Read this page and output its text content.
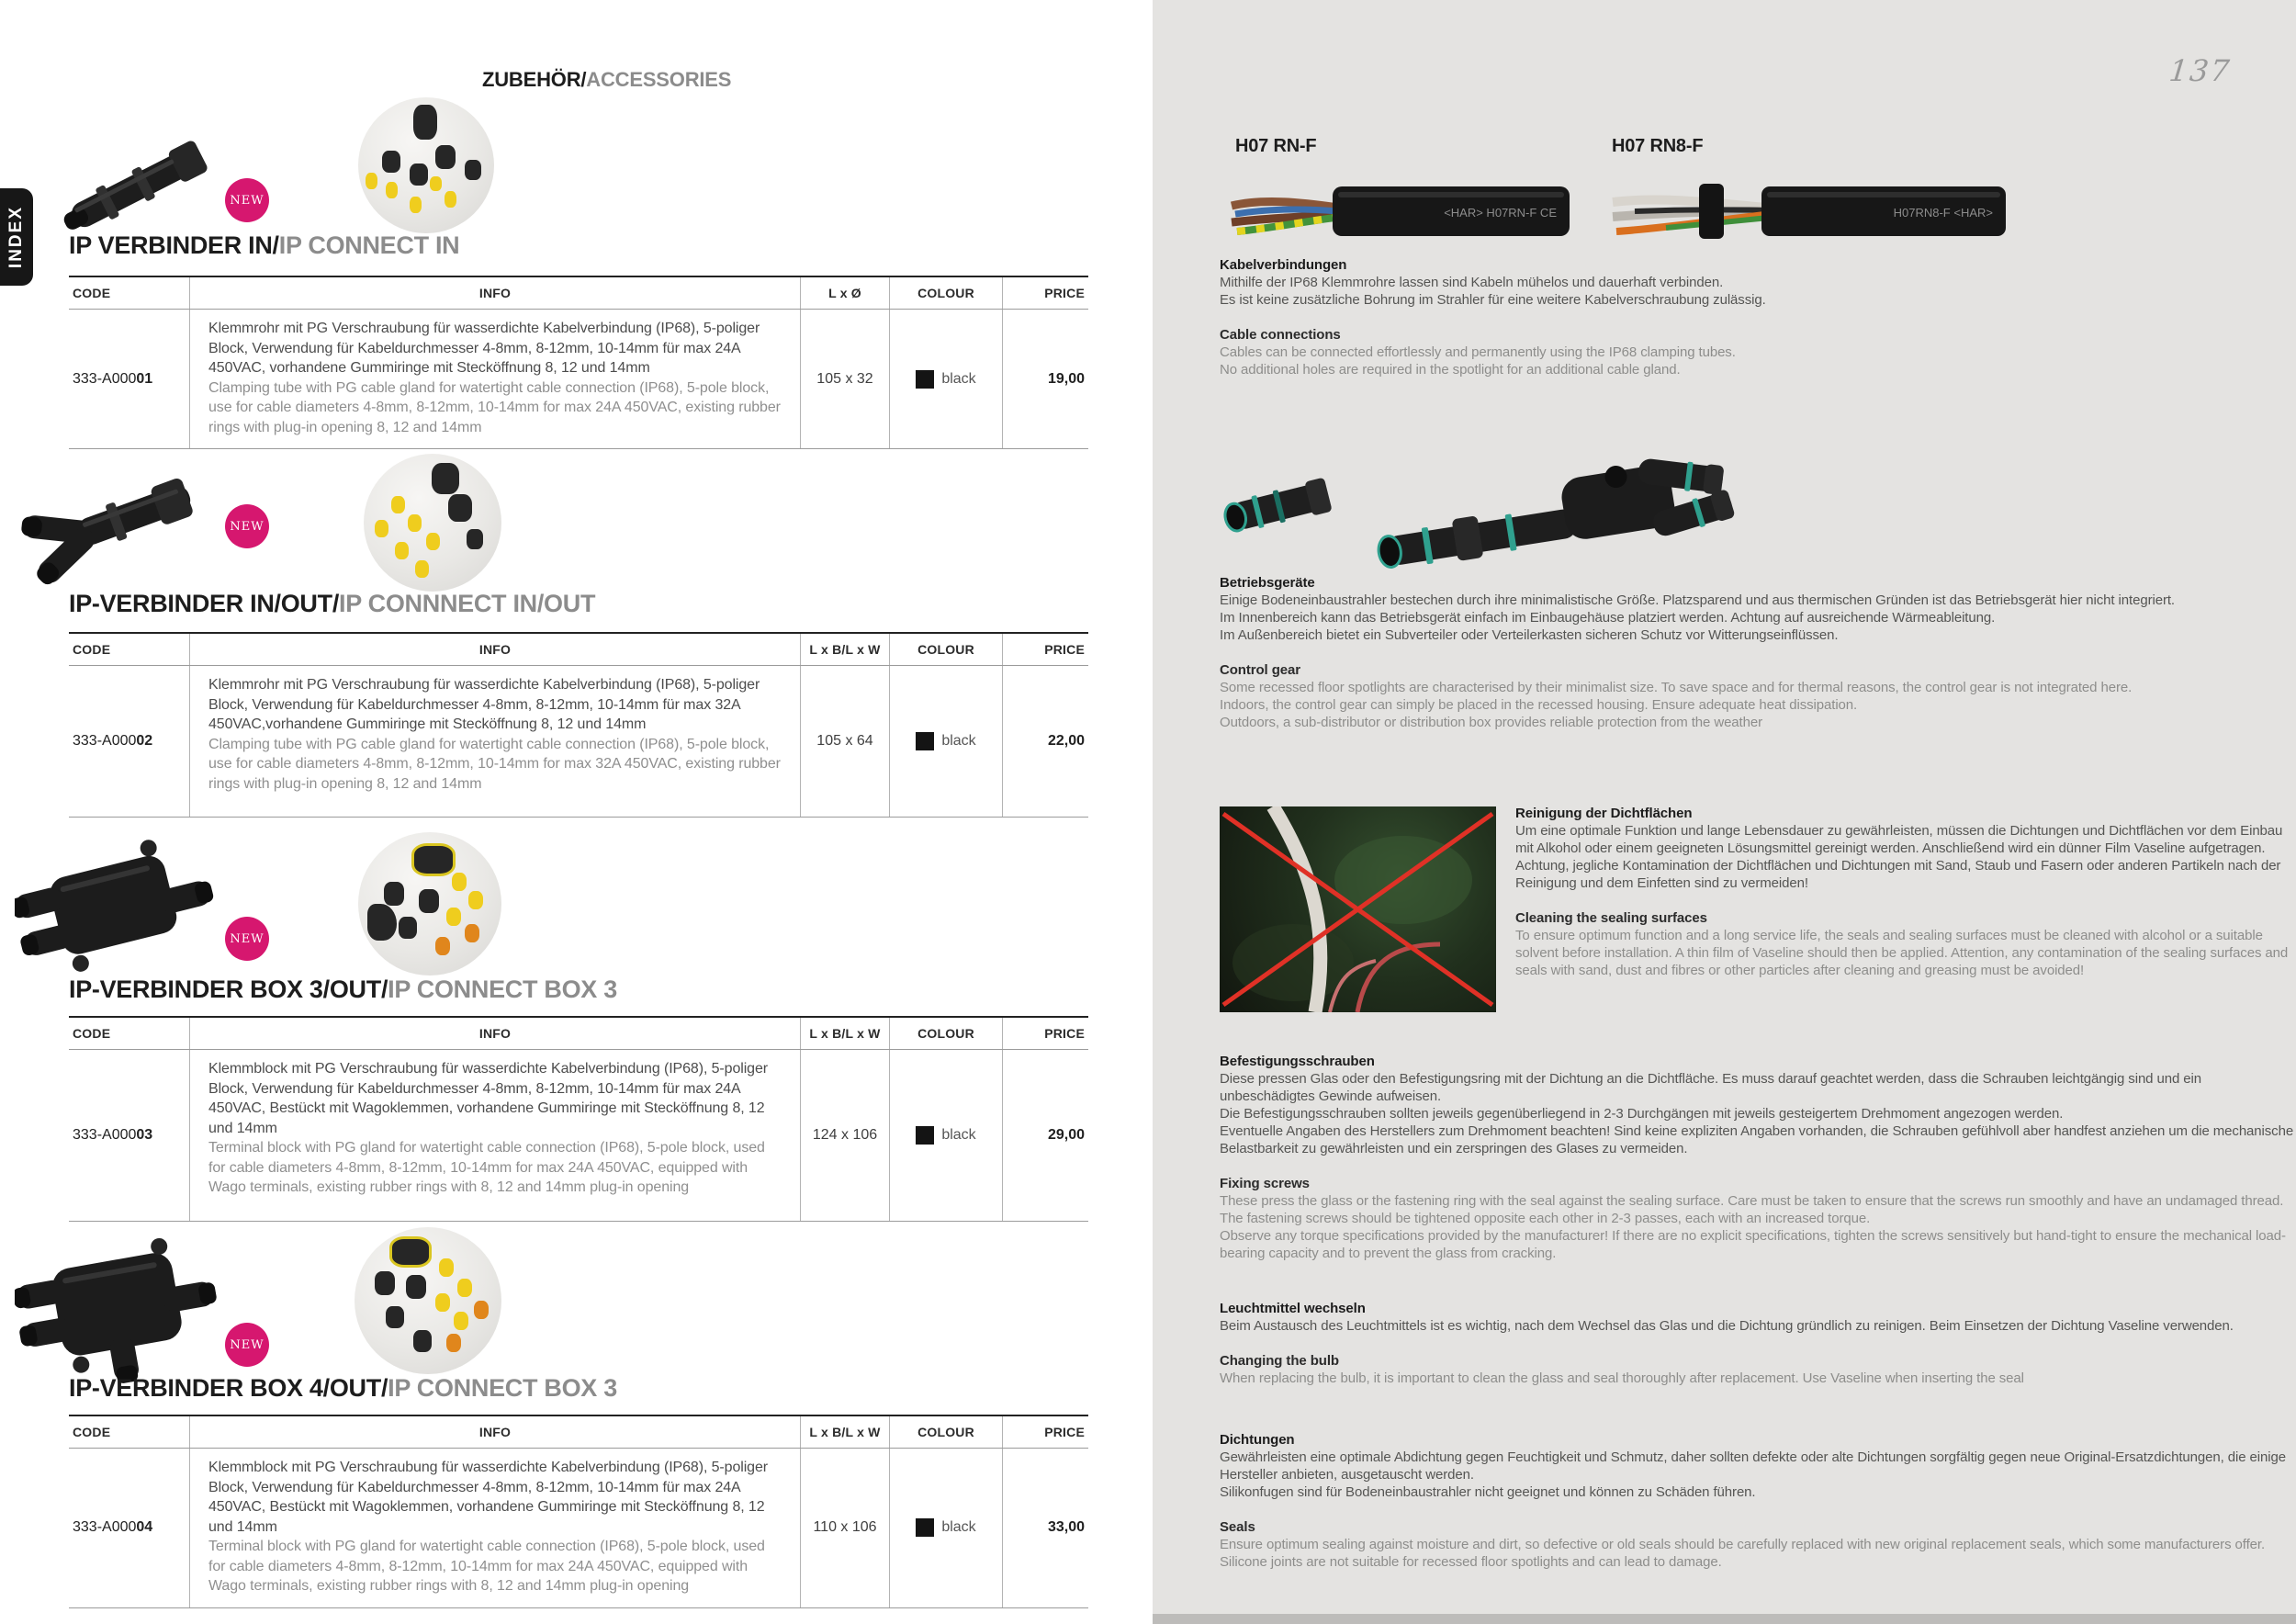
INDEX
ZUBEHÖR/ACCESSORIES
NEW
IP VERBINDER IN/IP CONNECT IN
CODE	INFO	L x Ø	COLOUR	PRICE
333-A000 01
Klemmrohr mit PG Verschraubung für wasserdichte Kabelverbindung (IP68), 5-poliger Block, Verwendung für Kabeldurchmesser 4-8mm, 8-12mm, 10-14mm für max 24A 450VAC, vorhandene Gummiringe mit Stecköffnung 8, 12 und 14mm
Clamping tube with PG cable gland for watertight cable connection (IP68), 5-pole block, use for cable diameters 4-8mm, 8-12mm, 10-14mm for max 24A 450VAC, existing rubber rings with plug-in opening 8, 12 and 14mm
105 x 32	black	19,00
NEW
IP-VERBINDER IN/OUT/IP CONNNECT IN/OUT
CODE	INFO	L x B/L x W	COLOUR	PRICE
333-A000 02
Klemmrohr mit PG Verschraubung für wasserdichte Kabelverbindung (IP68), 5-poliger Block, Verwendung für Kabeldurchmesser 4-8mm, 8-12mm, 10-14mm für max 32A 450VAC,vorhandene Gummiringe mit Stecköffnung 8, 12 und 14mm
Clamping tube with PG cable gland for watertight cable connection (IP68), 5-pole block, use for cable diameters 4-8mm, 8-12mm, 10-14mm for max 32A 450VAC, existing rubber rings with plug-in opening 8, 12 and 14mm
105 x 64	black	22,00
NEW
IP-VERBINDER BOX 3/OUT/IP CONNECT BOX 3
CODE	INFO	L x B/L x W	COLOUR	PRICE
333-A000 03
Klemmblock mit PG Verschraubung für wasserdichte Kabelverbindung (IP68), 5-poliger Block, Verwendung für Kabeldurchmesser 4-8mm, 8-12mm, 10-14mm für max 24A 450VAC, Bestückt mit Wagoklemmen, vorhandene Gummiringe mit Stecköffnung 8, 12 und 14mm
Terminal block with PG gland for watertight cable connection (IP68), 5-pole block, used for cable diameters 4-8mm, 8-12mm, 10-14mm for max 24A 450VAC, equipped with Wago terminals, existing rubber rings with 8, 12 and 14mm plug-in opening
124 x 106	black	29,00
NEW
IP-VERBINDER BOX 4/OUT/IP CONNECT BOX 3
CODE	INFO	L x B/L x W	COLOUR	PRICE
333-A000 04
Klemmblock mit PG Verschraubung für wasserdichte Kabelverbindung (IP68), 5-poliger Block, Verwendung für Kabeldurchmesser 4-8mm, 8-12mm, 10-14mm für max 24A 450VAC, Bestückt mit Wagoklemmen, vorhandene Gummiringe mit Stecköffnung 8, 12 und 14mm
Terminal block with PG gland for watertight cable connection (IP68), 5-pole block, used for cable diameters 4-8mm, 8-12mm, 10-14mm for max 24A 450VAC, equipped with Wago terminals, existing rubber rings with 8, 12 and 14mm plug-in opening
110 x 106	black	33,00
137
H07 RN-F	H07 RN8-F
<HAR> H07RN-F CE	H07RN8-F <HAR>
Kabelverbindungen
Mithilfe der IP68 Klemmrohre lassen sind Kabeln mühelos und dauerhaft verbinden.
Es ist keine zusätzliche Bohrung im Strahler für eine weitere Kabelverschraubung zulässig.
Cable connections
Cables can be connected effortlessly and permanently using the IP68 clamping tubes.
No additional holes are required in the spotlight for an additional cable gland.
Betriebsgeräte
Einige Bodeneinbaustrahler bestechen durch ihre minimalistische Größe. Platzsparend und aus thermischen Gründen ist das Betriebsgerät hier nicht integriert.
Im Innenbereich kann das Betriebsgerät einfach im Einbaugehäuse platziert werden. Achtung auf ausreichende Wärmeableitung.
Im Außenbereich bietet ein Subverteiler oder Verteilerkasten sicheren Schutz vor Witterungseinflüssen.
Control gear
Some recessed floor spotlights are characterised by their minimalist size. To save space and for thermal reasons, the control gear is not integrated here.
Indoors, the control gear can simply be placed in the recessed housing. Ensure adequate heat dissipation.
Outdoors, a sub-distributor or distribution box provides reliable protection from the weather
Reinigung der Dichtflächen
Um eine optimale Funktion und lange Lebensdauer zu gewährleisten, müssen die Dichtungen und Dichtflächen vor dem Einbau mit Alkohol oder einem geeigneten Lösungsmittel gereinigt werden. Anschließend wird ein dünner Film Vaseline aufgetragen.
Achtung, jegliche Kontamination der Dichtflächen und Dichtungen mit Sand, Staub und Fasern oder anderen Partikeln nach der Reinigung und dem Einfetten sind zu vermeiden!
Cleaning the sealing surfaces
To ensure optimum function and a long service life, the seals and sealing surfaces must be cleaned with alcohol or a suitable solvent before installation. A thin film of Vaseline should then be applied. Attention, any contamination of the sealing surfaces and seals with sand, dust and fibres or other particles after cleaning and greasing must be avoided!
Befestigungsschrauben
Diese pressen Glas oder den Befestigungsring mit der Dichtung an die Dichtfläche. Es muss darauf geachtet werden, dass die Schrauben leichtgängig sind und ein unbeschädigtes Gewinde aufweisen.
Die Befestigungsschrauben sollten jeweils gegenüberliegend in 2-3 Durchgängen mit jeweils gesteigertem Drehmoment angezogen werden.
Eventuelle Angaben des Herstellers zum Drehmoment beachten! Sind keine expliziten Angaben vorhanden, die Schrauben gefühlvoll aber handfest anziehen um die mechanische Belastbarkeit zu gewährleisten und ein zerspringen des Glases zu vermeiden.
Fixing screws
These press the glass or the fastening ring with the seal against the sealing surface. Care must be taken to ensure that the screws run smoothly and have an undamaged thread.
The fastening screws should be tightened opposite each other in 2-3 passes, each with an increased torque.
Observe any torque specifications provided by the manufacturer! If there are no explicit specifications, tighten the screws sensitively but hand-tight to ensure the mechanical load-bearing capacity and to prevent the glass from cracking.
Leuchtmittel wechseln
Beim Austausch des Leuchtmittels ist es wichtig, nach dem Wechsel das Glas und die Dichtung gründlich zu reinigen. Beim Einsetzen der Dichtung Vaseline verwenden.
Changing the bulb
When replacing the bulb, it is important to clean the glass and seal thoroughly after replacement. Use Vaseline when inserting the seal
Dichtungen
Gewährleisten eine optimale Abdichtung gegen Feuchtigkeit und Schmutz, daher sollten defekte oder alte Dichtungen sorgfältig gegen neue Original-Ersatzdichtungen, die einige Hersteller anbieten, ausgetauscht werden.
Silikonfugen sind für Bodeneinbaustrahler nicht geeignet und können zu Schäden führen.
Seals
Ensure optimum sealing against moisture and dirt, so defective or old seals should be carefully replaced with new original replacement seals, which some manufacturers offer.
Silicone joints are not suitable for recessed floor spotlights and can lead to damage.
